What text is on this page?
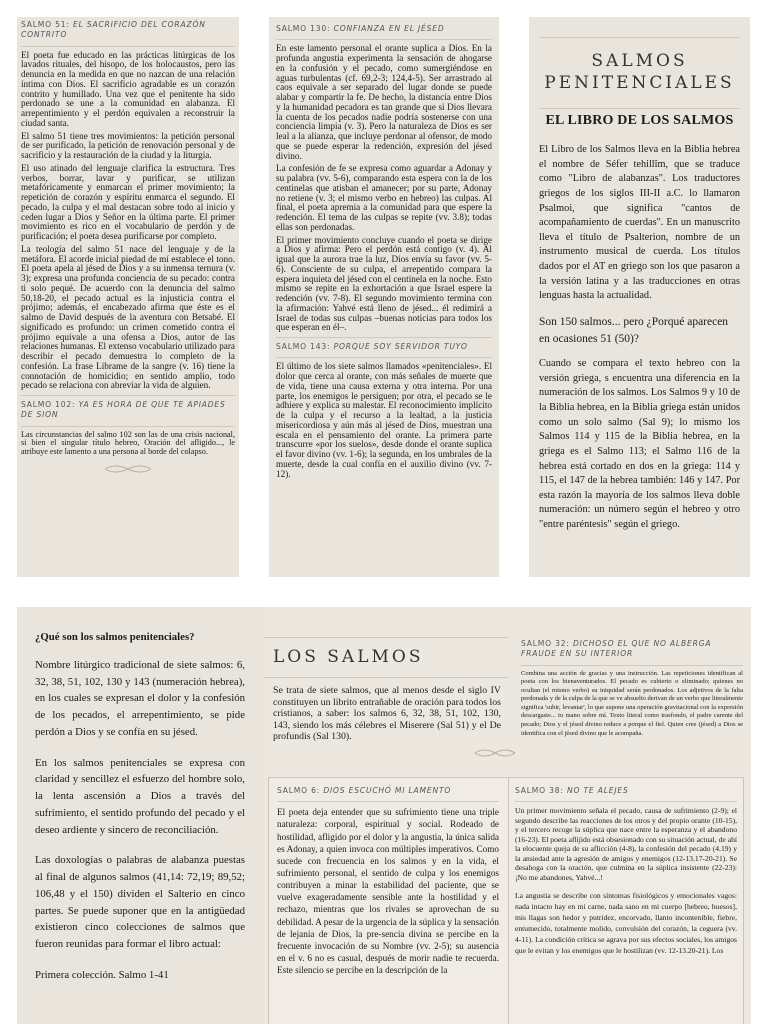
SALMO 51: EL SACRIFICIO DEL CORAZÓN CONTRITO

El poeta fue educado en las prácticas litúrgicas de los lavados rituales, del hisopo, de los holocaustos, pero las denuncia en la medida en que no nazcan de una relación íntima con Dios. El sacrificio agradable es un corazón contrito y humillado. Una vez que el penitente ha sido perdonado se une a la comunidad en alabanza. El arrepentimiento y el perdón equivalen a reconstruir la ciudad santa.

El salmo 51 tiene tres movimientos: la petición personal de ser purificado, la petición de renovación personal y de sacrificio y la restauración de la ciudad y la liturgia.

El uso atinado del lenguaje clarifica la estructura. Tres verbos, borrar, lavar y purificar, se utilizan metafóricamente y enmarcan el primer movimiento; la repetición de corazón y espíritu enmarca el segundo. El pecado, la culpa y el mal destacan sobre todo al inicio y ceden lugar a Dios y Señor en la última parte. El primer movimiento es rico en el vocabulario de perdón y de purificación; el poeta desea purificarse por completo.

La teología del salmo 51 nace del lenguaje y de la metáfora. El acorde inicial piedad de mí establece el tono. El poeta apela al jésed de Dios y a su inmensa ternura (v. 3); expresa una profunda conciencia de su pecado: contra ti solo pequé. De acuerdo con la denuncia del salmo 50,18-20, el pecado actual es la injusticia contra el prójimo; además, el encabezado afirma que éste es el salmo de David después de la aventura con Betsabé. El significado es profundo: un crimen cometido contra el prójimo equivale a una ofensa a Dios, autor de las relaciones humanas. El extenso vocabulario utilizado para describir el pecado demuestra lo completo de la confesión. La frase Líbrame de la sangre (v. 16) tiene la connotación de homicidio; en sentido amplio, todo pecado se relaciona con abreviar la vida de alguien.

SALMO 102: YA ES HORA DE QUE TE APIADES DE SION

Las circunstancias del salmo 102 son las de una crisis nacional, si bien el singular título hebreo, Oración del afligido..., le atribuye este lamento a una persona al borde del colapso.

SALMO 130: CONFIANZA EN EL JÉSED

En este lamento personal el orante suplica a Dios. En la profunda angustia experimenta la sensación de ahogarse en la confusión y el pecado, como sumergiéndose en aguas turbulentas (cf. 69,2-3; 124,4-5). Ser arrastrado al caos equivale a ser separado del lugar donde se puede alabar y compartir la fe. De hecho, la distancia entre Dios y la humanidad pecadora es tan grande que si Dios llevara la cuenta de los pecados nadie podría sostenerse con una conciencia limpia (v. 3). Pero la naturaleza de Dios es ser leal a la alianza, que incluye perdonar al ofensor, de modo que se puede esperar la redención, expresión del jésed divino.

La confesión de fe se expresa como aguardar a Adonay y su palabra (vv. 5-6), comparando esta espera con la de los centinelas que atisban el amanecer; por su parte, Adonay no retiene (v. 3; el mismo verbo en hebreo) las culpas. Al final, el poeta apremia a la comunidad para que espere la redención. El tema de las culpas se repite (vv. 3.8); todas ellas son perdonadas.

El primer movimiento concluye cuando el poeta se dirige a Dios y afirma: Pero el perdón está contigo (v. 4). Al igual que la aurora trae la luz, Dios envía su favor (vv. 5-6). Consciente de su culpa, el arrepentido compara la espera inquieta del jésed con el centinela en la noche. Esto mismo se repite en la exhortación a que Israel espere la redención (vv. 7-8). El segundo movimiento termina con la afirmación: Yahvé está lleno de jésed... él redimirá a Israel de todas sus culpas –buenas noticias para todos los que esperan en él–.

SALMO 143: PORQUE SOY SERVIDOR TUYO

El último de los siete salmos llamados «penitenciales». El dolor que cerca al orante, con más señales de muerte que de vida, tiene una causa externa y otra interna. Por una parte, los enemigos le persiguen; por otra, el pecado se le adhiere y explica su malestar. El reconocimiento implícito de la culpa y el recurso a la lealtad, a la justicia misericordiosa y aún más al jésed de Dios, muestran una escala en el pensamiento del orante. La primera parte transcurre «por los suelos», desde donde el orante suplica el favor divino (vv. 1-6); la segunda, en los umbrales de la muerte, desde la cual confía en el auxilio divino (vv. 7-12).

SALMOS
PENITENCIALES
EL LIBRO DE LOS SALMOS

El Libro de los Salmos lleva en la Biblia hebrea el nombre de Séfer tehillîm, que se traduce como "Libro de alabanzas". Los traductores griegos de los siglos III-II a.C. lo llamaron Psalmoi, que significa "cantos de acompañamiento de cuerdas". En un manuscrito lleva el título de Psalterion, nombre de un instrumento musical de cuerda. Los títulos dados por el AT en griego son los que pasaron a la versión latina y a las traducciones en otras lenguas hasta la actualidad.

Son 150 salmos... pero ¿Porqué aparecen en ocasiones 51 (50)?

Cuando se compara el texto hebreo con la versión griega, s encuentra una diferencia en la numeración de los salmos. Los Salmos 9 y 10 de la Biblia hebrea, en la Biblia griega están unidos como un solo salmo (Sal 9); lo mismo los Salmos 114 y 115 de la Biblia hebrea, en la griega es el Salmo 113; el Salmo 116 de la hebrea está cortado en dos en la griega: 114 y 115, el 147 de la hebrea también: 146 y 147. Por esta razón la mayoría de los salmos lleva doble numeración: un número según el hebreo y otro "entre paréntesis" según el griego.

¿Qué son los salmos penitenciales?

Nombre litúrgico tradicional de siete salmos: 6, 32, 38, 51, 102, 130 y 143 (numeración hebrea), en los cuales se expresan el dolor y la confesión de los pecados, el arrepentimiento, se pide perdón a Dios y se confía en su jésed.

En los salmos penitenciales se expresa con claridad y sencillez el esfuerzo del hombre solo, la lenta ascensión a Dios a través del sufrimiento, el sentido profundo del pecado y el deseo ardiente y sincero de reconciliación.

Las doxologías o palabras de alabanza puestas al final de algunos salmos (41,14: 72,19; 89,52; 106,48 y el 150) dividen el Salterio en cinco partes. Se puede suponer que en la antigüedad existieron cinco colecciones de salmos que fueron reunidas para formar el libro actual:

Primera colección. Salmo 1-41

LOS SALMOS

Se trata de siete salmos, que al menos desde el siglo IV constituyen un librito entrañable de oración para todos los cristianos, a saber: los salmos 6, 32, 38, 51, 102, 130, 143, siendo los más célebres el Miserere (Sal 51) y el De profundis (Sal 130).

SALMO 32: DICHOSO EL QUE NO ALBERGA FRAUDE EN SU INTERIOR

Combina una acción de gracias y una instrucción. Las repeticiones identifican al poeta con los bienaventurados. El pecado es cubierto o eliminado; quienes no ocultan (el mismo verbo) su iniquidad serán perdonados. Los adjetivos de la falta perdonada y de la culpa de la que se ve absuelto derivan de un verbo que literalmente significa 'subir, levantar', lo que supone una operación gravitacional con la expresión descargaste... tu mano sobre mí. Texto literal como trasfondo, el padre carente del pecado; Dios y el jésed divino reduce a porque el fiel. Quien cree (jésed) a Dios se identifica con el jésed divino que le acompaña.

SALMO 6: DIOS ESCUCHÓ MI LAMENTO

El poeta deja entender que su sufrimiento tiene una triple naturaleza: corporal, espiritual y social. Rodeado de hostilidad, afligido por el dolor y la angustia, la única salida es Adonay, a quien invoca con múltiples imperativos. Como sucede con frecuencia en los salmos y en la vida, el sufrimiento personal, el sentido de culpa y los enemigos contribuyen a minar la estabilidad del paciente, que se vuelve exageradamente sensible ante la hostilidad y el rechazo, mientras que los rivales se aprovechan de su debilidad. A pesar de la urgencia de la súplica y la sensación de lejanía de Dios, la pre-sencia divina se percibe en la frecuente invocación de su Nombre (vv. 2-5); su ausencia en el v. 6 no es casual, después de morir nadie te recuerda. Este silencio se percibe en la descripción de la

SALMO 38: NO TE ALEJES

Un primer movimiento señala el pecado, causa de sufrimiento (2-9); el segundo describe las reacciones de los otros y del propio orante (10-15), y el tercero recoge la súplica que nace entre la esperanza y el abandono (16-23). El poeta aflijido está obsesionado con su situación actual, de ahí la elocuente queja de su aflicción (4-8), la confesión del pecado (4.19) y la ansiedad ante la agresión de amigos y enemigos (12-13.17-20-21). Se desahoga con la oración, que culmina en la súplica insistente (22-23): ¡No me abandones, Yahvé...!

La angustia se describe con síntomas fisiológicos y emocionales vagos: nada intacto hay en mi carne, nada sano en mi cuerpo [hebreo, huesos], mis llagas son hedor y putridez, encorvado, llanto incontenible, fiebre, entumecido, totalmente molido, convulsión del corazón, la ceguera (vv. 4-11). La condición crítica se agrava por sus efectos sociales, los amigos que le evitan y los enemigos que le hostilizan (vv. 12-13.20-21). Los
